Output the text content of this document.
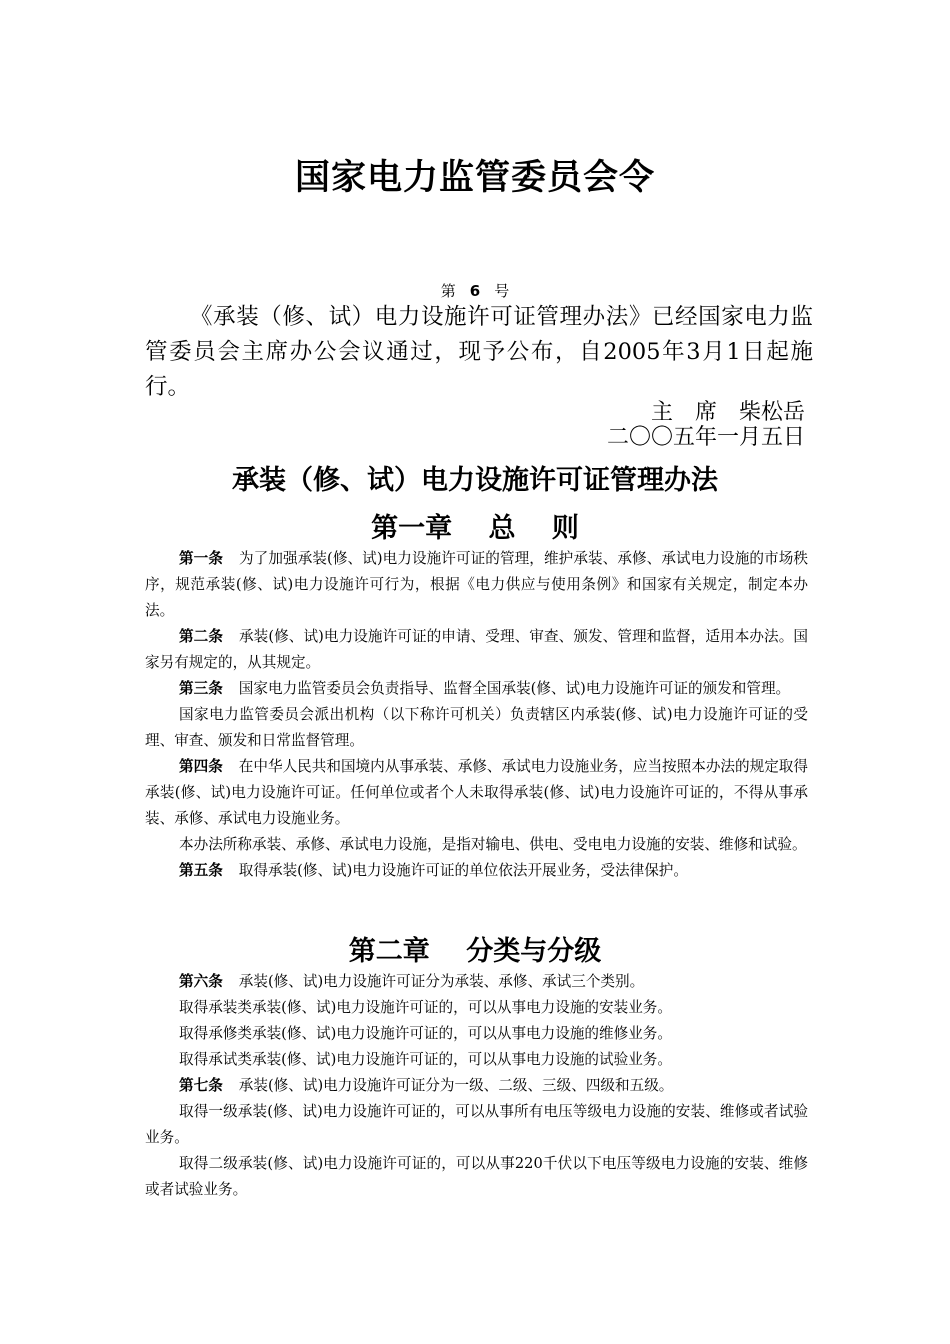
国家电力监管委员会令
第 6 号
《承装（修、试）电力设施许可证管理办法》已经国家电力监管委员会主席办公会议通过，现予公布，自2005年3月1日起施行。
主　席　柴松岳
二〇〇五年一月五日
承装（修、试）电力设施许可证管理办法
第一章　 总　 则

第一条 为了加强承装(修、试)电力设施许可证的管理，维护承装、承修、承试电力设施的市场秩序，规范承装(修、试)电力设施许可行为，根据《电力供应与使用条例》和国家有关规定，制定本办法。

第二条 承装(修、试)电力设施许可证的申请、受理、审查、颁发、管理和监督，适用本办法。国家另有规定的，从其规定。

第三条 国家电力监管委员会负责指导、监督全国承装(修、试)电力设施许可证的颁发和管理。

国家电力监管委员会派出机构（以下称许可机关）负责辖区内承装(修、试)电力设施许可证的受理、审查、颁发和日常监督管理。

第四条 在中华人民共和国境内从事承装、承修、承试电力设施业务，应当按照本办法的规定取得承装(修、试)电力设施许可证。任何单位或者个人未取得承装(修、试)电力设施许可证的，不得从事承装、承修、承试电力设施业务。

本办法所称承装、承修、承试电力设施，是指对输电、供电、受电电力设施的安装、维修和试验。

第五条 取得承装(修、试)电力设施许可证的单位依法开展业务，受法律保护。

第二章　 分类与分级

第六条 承装(修、试)电力设施许可证分为承装、承修、承试三个类别。

取得承装类承装(修、试)电力设施许可证的，可以从事电力设施的安装业务。

取得承修类承装(修、试)电力设施许可证的，可以从事电力设施的维修业务。

取得承试类承装(修、试)电力设施许可证的，可以从事电力设施的试验业务。

第七条 承装(修、试)电力设施许可证分为一级、二级、三级、四级和五级。

取得一级承装(修、试)电力设施许可证的，可以从事所有电压等级电力设施的安装、维修或者试验业务。

取得二级承装(修、试)电力设施许可证的，可以从事220千伏以下电压等级电力设施的安装、维修或者试验业务。
